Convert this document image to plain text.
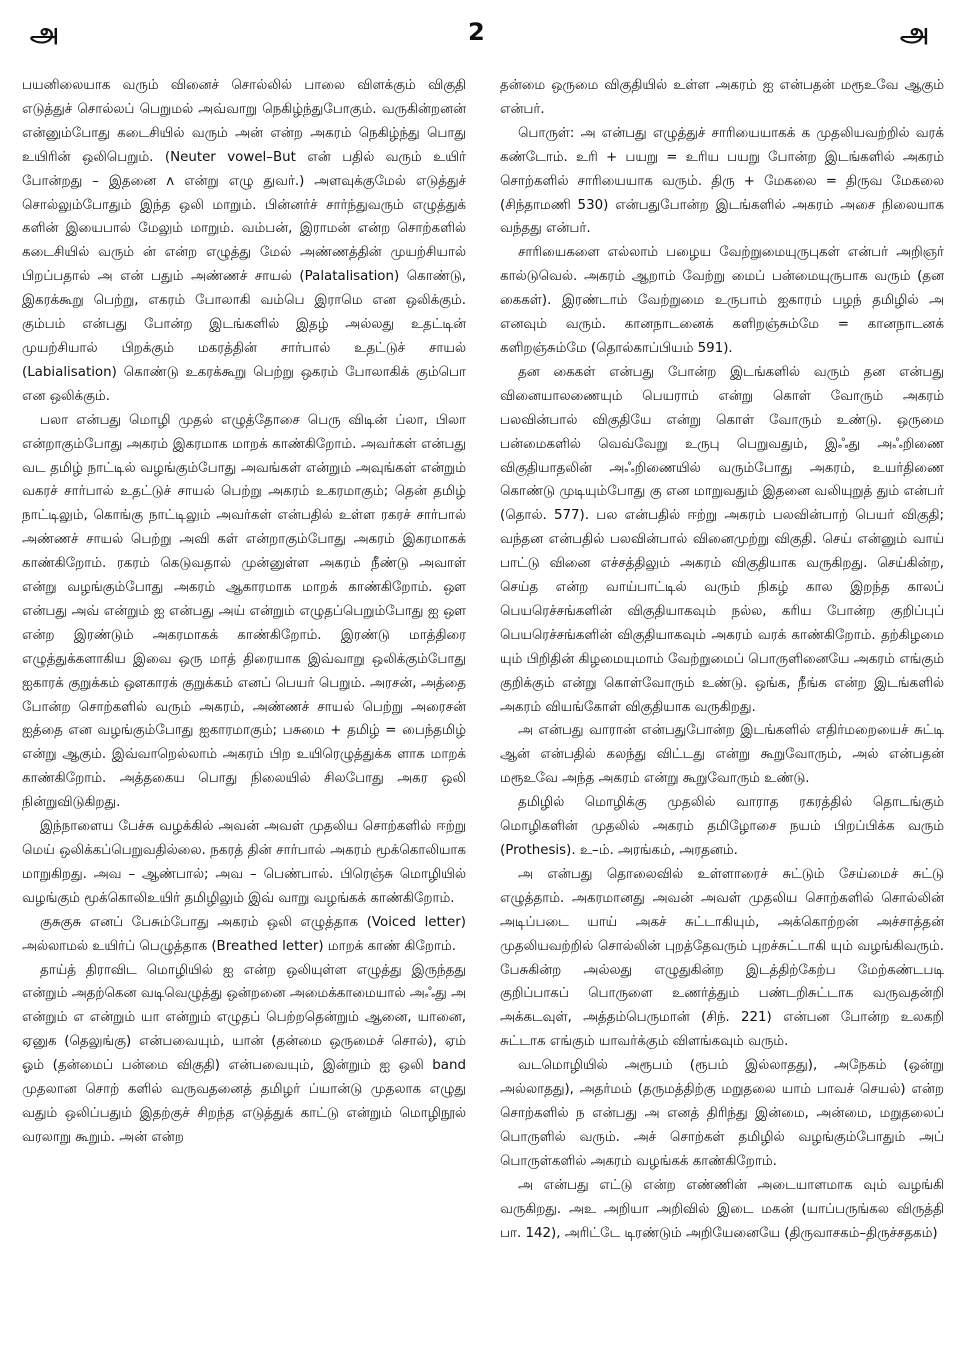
அ	2	அ

பயனிலையாக வரும் வினைச் சொல்லில் பாலை விளக்கும் விகுதி எடுத்துச் சொல்லப் பெறுமல் அவ்வாறு நெகிழ்ந்துபோகும். வருகின்றனன் என்னும்போது கடைசியில் வரும் அன் என்ற அகரம் நெகிழ்ந்து பொது உயிரின் ஒலிபெறும். (Neuter vowel–But என் பதில் வரும் உயிர் போன்றது – இதனை ʌ என்று எழு துவர்.) அளவுக்குமேல் எடுத்துச் சொல்லும்போதும் இந்த ஒலி மாறும். பின்னர்ச் சார்ந்துவரும் எழுத்துக் களின் இயைபால் மேலும் மாறும். வம்பன், இராமன் என்ற சொற்களில் கடைசியில் வரும் ன் என்ற எழுத்து மேல் அண்ணத்தின் முயற்சியால் பிறப்பதால் அ என் பதும் அண்ணச் சாயல் (Palatalisation) கொண்டு, இகரக்கூறு பெற்று, எகரம் போலாகி வம்பெ இராமெ என ஒலிக்கும். கும்பம் என்பது போன்ற இடங்களில் இதழ் அல்லது உதட்டின் முயற்சியால் பிறக்கும் மகரத்தின் சார்பால் உதட்டுச் சாயல் (Labialisation) கொண்டு உகரக்கூறு பெற்று ஒகரம் போலாகிக் கும்பொ என ஒலிக்கும்.

பலா என்பது மொழி முதல் எழுத்தோசை பெரு விடின் ப்லா, பிலா என்றாகும்போது அகரம் இகரமாக மாறக் காண்கிறோம். அவர்கள் என்பது வட தமிழ் நாட்டில் வழங்கும்போது அவங்கள் என்றும் அவுங்கள் என்றும் வகரச் சார்பால் உதட்டுச் சாயல் பெற்று அகரம் உகரமாகும்; தென் தமிழ் நாட்டிலும், கொங்கு நாட்டிலும் அவர்கள் என்பதில் உள்ள ரகரச் சார்பால் அண்ணச் சாயல் பெற்று அவி கள் என்றாகும்போது அகரம் இகரமாகக் காண்கிறோம். ரகரம் கெடுவதால் முன்னுள்ள அகரம் நீண்டு அவாள் என்று வழங்கும்போது அகரம் ஆகாரமாக மாறக் காண்கிறோம். ஔ என்பது அவ் என்றும் ஐ என்பது அய் என்றும் எழுதப்பெறும்போது ஐ ஔ என்ற இரண்டும் அகரமாகக் காண்கிறோம். இரண்டு மாத்திரை எழுத்துக்களாகிய இவை ஒரு மாத் திரையாக இவ்வாறு ஒலிக்கும்போது ஐகாரக் குறுக்கம் ஔகாரக் குறுக்கம் எனப் பெயர் பெறும். அரசன், அத்தை போன்ற சொற்களில் வரும் அகரம், அண்ணச் சாயல் பெற்று அரைசன் ஐத்தை என வழங்கும்போது ஐகாரமாகும்; பசுமை + தமிழ் = பைந்தமிழ் என்று ஆகும். இவ்வாறெல்லாம் அகரம் பிற உயிரெழுத்துக்க ளாக மாறக் காண்கிறோம். அத்தகைய பொது நிலையில் சிலபோது அகர ஒலி நின்றுவிடுகிறது.

இந்நாளைய பேச்சு வழக்கில் அவன் அவள் முதலிய சொற்களில் ஈற்று மெய் ஒலிக்கப்பெறுவதில்லை. நகரத் தின் சார்பால் அகரம் மூக்கொலியாக மாறுகிறது. அவ – ஆண்பால்; அவ – பெண்பால். பிரெஞ்சு மொழியில் வழங்கும் மூக்கொலிஉயிர் தமிழிலும் இவ் வாறு வழங்கக் காண்கிறோம்.

குசுகுசு எனப் பேசும்போது அகரம் ஒலி எழுத்தாக (Voiced letter) அல்லாமல் உயிர்ப் பெழுத்தாக (Breathed letter) மாறக் காண் கிறோம்.

தாய்த் திராவிட மொழியில் ஐ என்ற ஒலியுள்ள எழுத்து இருந்தது என்றும் அதற்கென வடிவெழுத்து ஒன்றனை அமைக்காமையால் அஃது அ என்றும் எ என்றும் யா என்றும் எழுதப் பெற்றதென்றும் ஆனை, யானை, ஏனுக (தெலுங்கு) என்பவையும், யான் (தன்மை ஒருமைச் சொல்), ஏம் ஓம் (தன்மைப் பன்மை விகுதி) என்பவையும், இன்றும் ஐ ஒலி band முதலான சொற் களில் வருவதனைத் தமிழர் ப்யான்டு முதலாக எழுது வதும் ஒலிப்பதும் இதற்குச் சிறந்த எடுத்துக் காட்டு என்றும் மொழிநூல் வரலாறு கூறும். அன் என்ற

தன்மை ஒருமை விகுதியில் உள்ள அகரம் ஐ என்பதன் மரூஉவே ஆகும் என்பர்.

பொருள்: அ என்பது எழுத்துச் சாரியையாகக் க முதலியவற்றில் வரக் கண்டோம். உரி + பயறு = உரிய பயறு போன்ற இடங்களில் அகரம் சொற்களில் சாரியையாக வரும். திரு + மேகலை = திருவ மேகலை (சிந்தாமணி 530) என்பதுபோன்ற இடங்களில் அகரம் அசை நிலையாக வந்தது என்பர்.

சாரியைகளை எல்லாம் பழைய வேற்றுமையுருபுகள் என்பர் அறிஞர் கால்டுவெல். அகரம் ஆறாம் வேற்று மைப் பன்மையுருபாக வரும் (தன கைகள்). இரண்டாம் வேற்றுமை உருபாம் ஐகாரம் பழந் தமிழில் அ எனவும் வரும். கானநாடனைக் களிறஞ்சும்மே = கானநாடனக் களிறஞ்சும்மே (தொல்காப்பியம் 591).

தன கைகள் என்பது போன்ற இடங்களில் வரும் தன என்பது வினையாலணையும் பெயராம் என்று கொள் வோரும் அகரம் பலவின்பால் விகுதியே என்று கொள் வோரும் உண்டு. ஒருமை பன்மைகளில் வெவ்வேறு உருபு பெறுவதும், இஃது அஃறிணை விகுதியாதலின் அஃறிணையில் வரும்போது அகரம், உயர்திணை கொண்டு முடியும்போது கு என மாறுவதும் இதனை வலியுறுத் தும் என்பர் (தொல். 577). பல என்பதில் ஈற்று அகரம் பலவின்பாற் பெயர் விகுதி; வந்தன என்பதில் பலவின்பால் வினைமுற்று விகுதி. செய் என்னும் வாய் பாட்டு வினை எச்சத்திலும் அகரம் விகுதியாக வருகிறது. செய்கின்ற, செய்த என்ற வாய்பாட்டில் வரும் நிகழ் கால இறந்த காலப் பெயரெச்சங்களின் விகுதியாகவும் நல்ல, கரிய போன்ற குறிப்புப் பெயரெச்சங்களின் விகுதியாகவும் அகரம் வரக் காண்கிறோம். தற்கிழமை யும் பிறிதின் கிழமையுமாம் வேற்றுமைப் பொருளினையே அகரம் எங்கும் குறிக்கும் என்று கொள்வோரும் உண்டு. ஒங்க, நீங்க என்ற இடங்களில் அகரம் வியங்கோள் விகுதியாக வருகிறது.

அ என்பது வாரான் என்பதுபோன்ற இடங்களில் எதிர்மறையைச் சுட்டி ஆன் என்பதில் கலந்து விட்டது என்று கூறுவோரும், அல் என்பதன் மரூஉவே அந்த அகரம் என்று கூறுவோரும் உண்டு.

தமிழில் மொழிக்கு முதலில் வாராத ரகரத்தில் தொடங்கும் மொழிகளின் முதலில் அகரம் தமிழோசை நயம் பிறப்பிக்க வரும் (Prothesis). உ–ம். அரங்கம், அரதனம்.

அ என்பது தொலைவில் உள்ளாரைச் சுட்டும் சேய்மைச் சுட்டு எழுத்தாம். அகரமானது அவன் அவள் முதலிய சொற்களில் சொல்லின் அடிப்படை யாய் அகச் சுட்டாகியும், அக்கொற்றன் அச்சாத்தன் முதலியவற்றில் சொல்லின் புறத்தேவரும் புறச்சுட்டாகி யும் வழங்கிவரும். பேசுகின்ற அல்லது எழுதுகின்ற இடத்திற்கேற்ப மேற்கண்டபடி குறிப்பாகப் பொருளை உணர்த்தும் பண்டறிசுட்டாக வருவதன்றி அக்கடவுள், அத்தம்பெருமான் (சிந். 221) என்பன போன்ற உலகறி சுட்டாக எங்கும் யாவர்க்கும் விளங்கவும் வரும்.

வடமொழியில் அரூபம் (ரூபம் இல்லாதது), அநேகம் (ஒன்று அல்லாதது), அதர்மம் (தருமத்திற்கு மறுதலை யாம் பாவச் செயல்) என்ற சொற்களில் ந என்பது அ எனத் திரிந்து இன்மை, அன்மை, மறுதலைப் பொருளில் வரும். அச் சொற்கள் தமிழில் வழங்கும்போதும் அப் பொருள்களில் அகரம் வழங்கக் காண்கிறோம்.

அ என்பது எட்டு என்ற எண்ணின் அடையாளமாக வும் வழங்கி வருகிறது. அஉ அறியா அறிவில் இடை மகன் (யாப்பருங்கல விருத்தி பா. 142), அரிட்டே டிரண்டும் அறியேனையே (திருவாசகம்–திருச்சதகம்)
